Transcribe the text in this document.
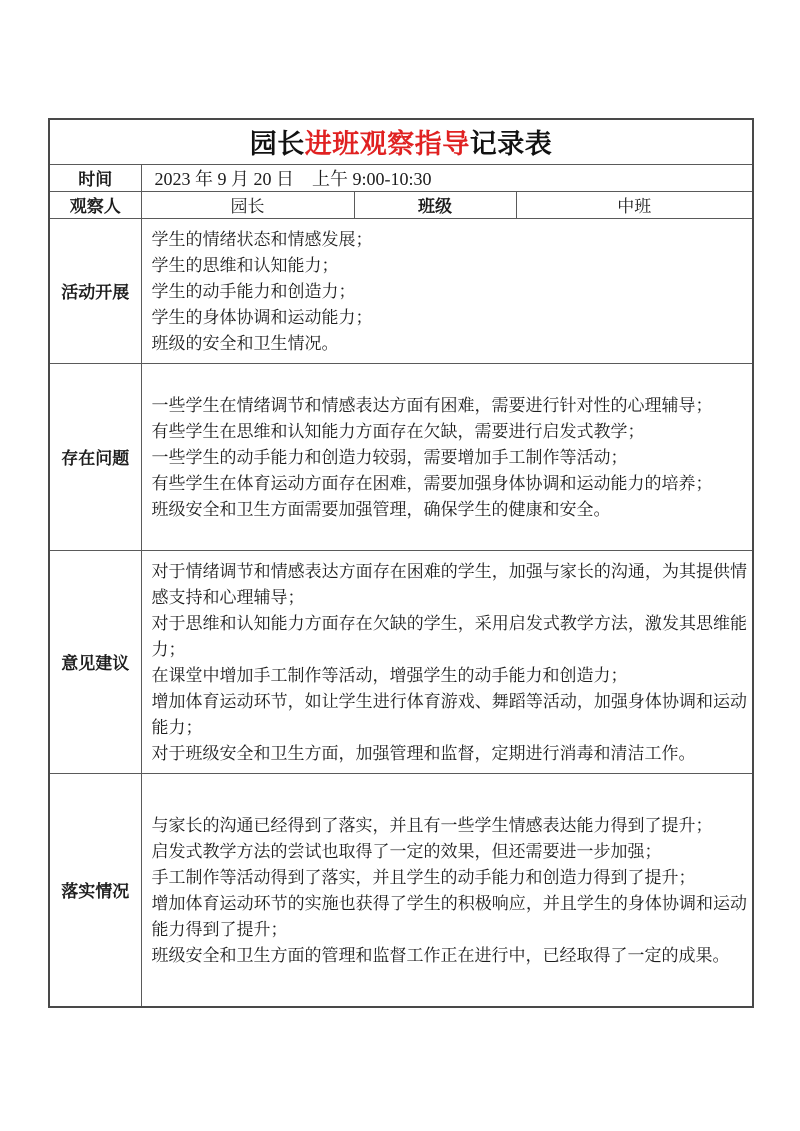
园长进班观察指导记录表			
时间	2023 年 9 月 20 日　上午 9:00-10:30		
观察人	园长	班级	中班
活动开展	学生的情绪状态和情感发展；
学生的思维和认知能力；
学生的动手能力和创造力；
学生的身体协调和运动能力；
班级的安全和卫生情况。		

存在问题	一些学生在情绪调节和情感表达方面有困难，需要进行针对性的心理辅导；
有些学生在思维和认知能力方面存在欠缺，需要进行启发式教学；
一些学生的动手能力和创造力较弱，需要增加手工制作等活动；
有些学生在体育运动方面存在困难，需要加强身体协调和运动能力的培养；
班级安全和卫生方面需要加强管理，确保学生的健康和安全。		

意见建议	对于情绪调节和情感表达方面存在困难的学生，加强与家长的沟通，为其提供情感支持和心理辅导；
对于思维和认知能力方面存在欠缺的学生，采用启发式教学方法，激发其思维能力；
在课堂中增加手工制作等活动，增强学生的动手能力和创造力；
增加体育运动环节，如让学生进行体育游戏、舞蹈等活动，加强身体协调和运动能力；
对于班级安全和卫生方面，加强管理和监督，定期进行消毒和清洁工作。		

落实情况	与家长的沟通已经得到了落实，并且有一些学生情感表达能力得到了提升；
启发式教学方法的尝试也取得了一定的效果，但还需要进一步加强；
手工制作等活动得到了落实，并且学生的动手能力和创造力得到了提升；
增加体育运动环节的实施也获得了学生的积极响应，并且学生的身体协调和运动能力得到了提升；
班级安全和卫生方面的管理和监督工作正在进行中，已经取得了一定的成果。		
